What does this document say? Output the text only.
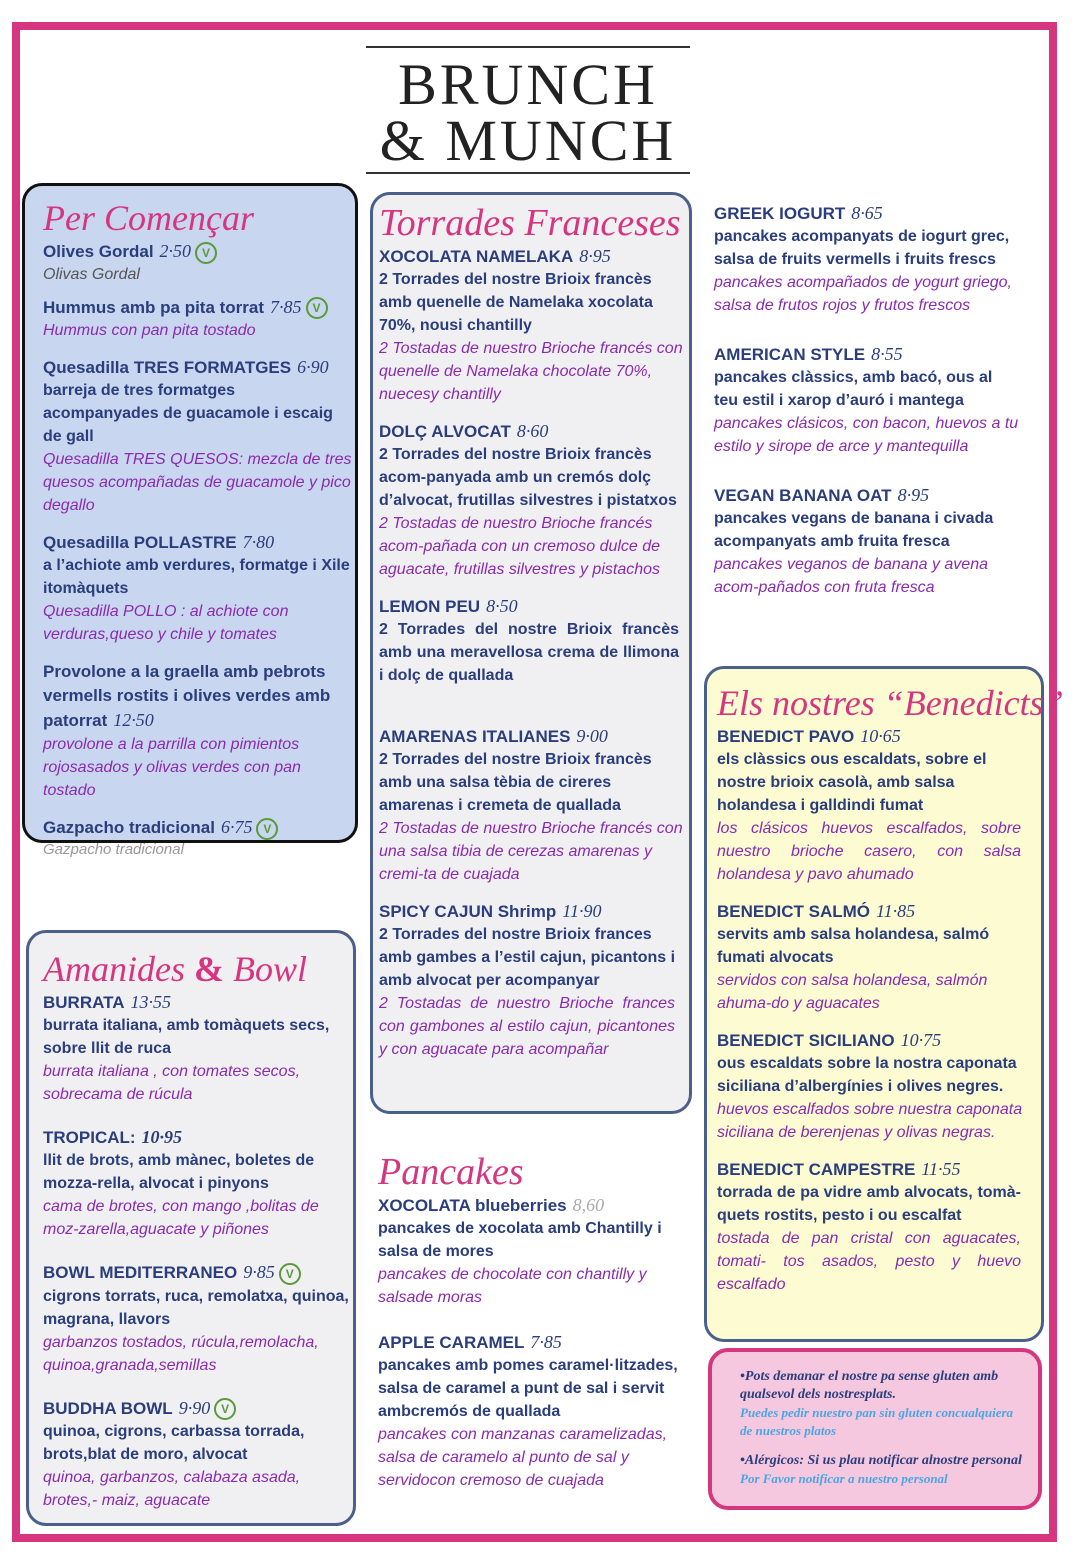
BRUNCH
& MUNCH
Per Començar
Olives Gordal 2·50 V
Olivas Gordal
Hummus amb pa pita torrat 7·85 V
Hummus con pan pita tostado
Quesadilla TRES FORMATGES 6·90
barreja de tres formatges acompanyades de guacamole i escaig de gall
Quesadilla TRES QUESOS: mezcla de tres quesos acompañadas de guacamole y pico degallo
Quesadilla POLLASTRE 7·80
a l’achiote amb verdures, formatge i Xile itomàquets
Quesadilla POLLO : al achiote con verduras,queso y chile y tomates
Provolone a la graella amb pebrots vermells rostits i olives verdes amb patorrat 12·50
provolone a la parrilla con pimientos rojosasados y olivas verdes con pan tostado
Gazpacho tradicional 6·75 V
Gazpacho tradicional
Amanides & Bowl
BURRATA 13·55
burrata italiana, amb tomàquets secs, sobre llit de ruca
burrata italiana , con tomates secos, sobrecama de rúcula
TROPICAL: 10·95
llit de brots, amb mànec, boletes de mozza-rella, alvocat i pinyons
cama de brotes, con mango ,bolitas de moz-zarella,aguacate y piñones
BOWL MEDITERRANEO 9·85 V
cigrons torrats, ruca, remolatxa, quinoa, magrana, llavors
garbanzos tostados, rúcula,remolacha, quinoa,granada,semillas
BUDDHA BOWL 9·90 V
quinoa, cigrons, carbassa torrada, brots,blat de moro, alvocat
quinoa, garbanzos, calabaza asada, brotes,- maiz, aguacate
Torrades Franceses
XOCOLATA NAMELAKA 8·95
2 Torrades del nostre Brioix francès amb quenelle de Namelaka xocolata 70%, nousi chantilly
2 Tostadas de nuestro Brioche francés con quenelle de Namelaka chocolate 70%, nuecesy chantilly
DOLÇ ALVOCAT 8·60
2 Torrades del nostre Brioix francès acom-panyada amb un cremós dolç d’alvocat, frutillas silvestres i pistatxos
2 Tostadas de nuestro Brioche francés acom-pañada con un cremoso dulce de aguacate, frutillas silvestres y pistachos
LEMON PEU 8·50
2 Torrades del nostre Brioix francès amb una meravellosa crema de llimona i dolç de quallada
AMARENAS ITALIANES 9·00
2 Torrades del nostre Brioix francès amb una salsa tèbia de cireres amarenas i cremeta de quallada
2 Tostadas de nuestro Brioche francés con una salsa tibia de cerezas amarenas y cremi-ta de cuajada
SPICY CAJUN Shrimp 11·90
2 Torrades del nostre Brioix frances amb gambes a l’estil cajun, picantons i amb alvocat per acompanyar
2 Tostadas de nuestro Brioche frances con gambones al estilo cajun, picantones y con aguacate para acompañar
Pancakes
XOCOLATA blueberries 8,60
pancakes de xocolata amb Chantilly i salsa de mores
pancakes de chocolate con chantilly y salsade moras
APPLE CARAMEL 7·85
pancakes amb pomes caramel·litzades, salsa de caramel a punt de sal i servit ambcremós de quallada
pancakes con manzanas caramelizadas, salsa de caramelo al punto de sal y servidocon cremoso de cuajada
GREEK IOGURT 8·65
pancakes acompanyats de iogurt grec, salsa de fruits vermells i fruits frescs
pancakes acompañados de yogurt griego, salsa de frutos rojos y frutos frescos
AMERICAN STYLE 8·55
pancakes clàssics, amb bacó, ous al teu estil i xarop d’auró i mantega
pancakes clásicos, con bacon, huevos a tu estilo y sirope de arce y mantequilla
VEGAN BANANA OAT 8·95
pancakes vegans de banana i civada acompanyats amb fruita fresca
pancakes veganos de banana y avena acom-pañados con fruta fresca
Els nostres “Benedicts”
BENEDICT PAVO 10·65
els clàssics ous escaldats, sobre el nostre brioix casolà, amb salsa holandesa i galldindi fumat
los clásicos huevos escalfados, sobre nuestro brioche casero, con salsa holandesa y pavo ahumado
BENEDICT SALMÓ 11·85
servits amb salsa holandesa, salmó fumati alvocats
servidos con salsa holandesa, salmón ahuma-do y aguacates
BENEDICT SICILIANO 10·75
ous escaldats sobre la nostra caponata siciliana d’albergínies i olives negres.
huevos escalfados sobre nuestra caponata siciliana de berenjenas y olivas negras.
BENEDICT CAMPESTRE 11·55
torrada de pa vidre amb alvocats, tomà- quets rostits, pesto i ou escalfat
tostada de pan cristal con aguacates, tomati- tos asados, pesto y huevo escalfado
•Pots demanar el nostre pa sense gluten amb qualsevol dels nostresplats.
Puedes pedir nuestro pan sin gluten concualquiera de nuestros platos
•Alérgicos: Si us plau notificar alnostre personal
Por Favor notificar a nuestro personal
